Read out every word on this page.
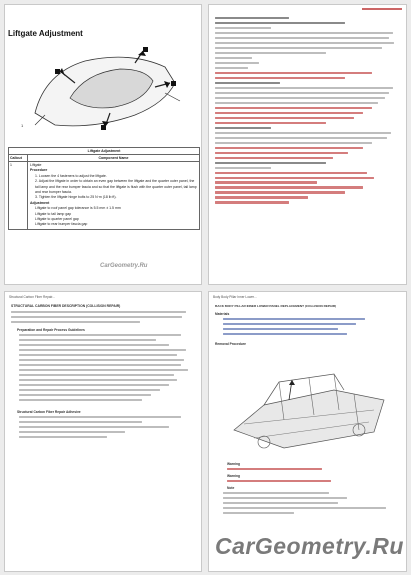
Liftgate Adjustment
1
Liftgate Adjustment
Callout	Component Name
1	Liftgate
Procedure
1. Loosen the 4 fasteners to adjust the liftgate.
2. Adjust the liftgate in order to obtain an even gap between the liftgate and the quarter outer panel, the tail lamp and the rear bumper fascia and so that the liftgate is flush with the quarter outer panel, tail lamp and rear bumper fascia.
3. Tighten the liftgate hinge bolts to 25 N·m (18 lb ft).
Adjustment
Liftgate to roof panel gap tolerance is 5.5 mm ± 1.5 mm
Liftgate to tail lamp gap
Liftgate to quarter panel gap
Liftgate to rear bumper fascia gap
CarGeometry.Ru
Structural Carbon Fiber Repair...
STRUCTURAL CARBON FIBER DESCRIPTION (COLLISION REPAIR)
Preparation and Repair Process Guidelines
Structural Carbon Fiber Repair Adhesive
Body Body Pillar Inner Lower...
BACK BODY PILLAR INNER LOWER PANEL REPLACEMENT (COLLISION REPAIR)
Materials
Removal Procedure
Warning
Warning
Note
CarGeometry.Ru
